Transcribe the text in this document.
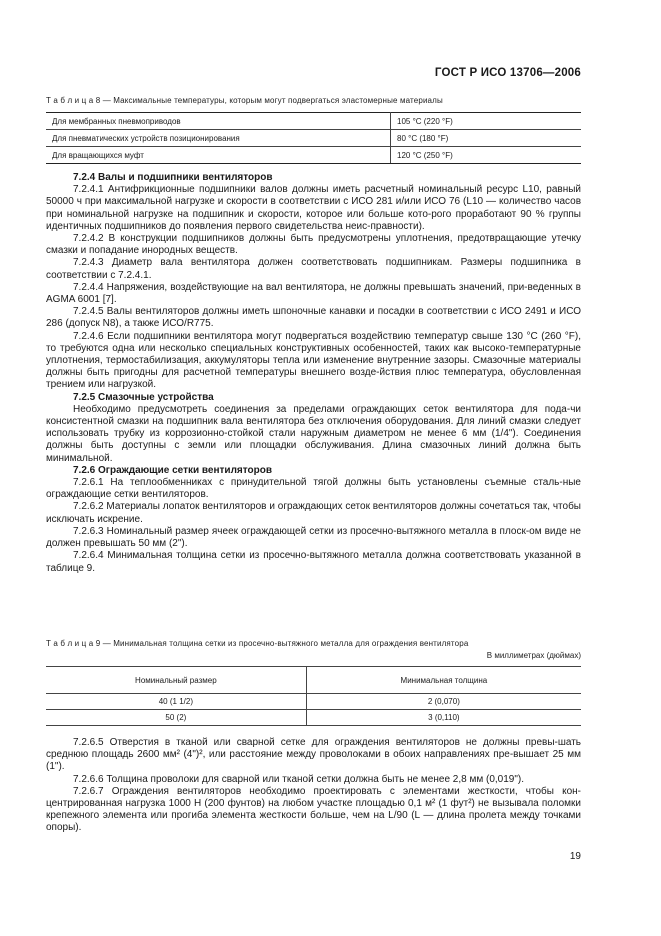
ГОСТ Р ИСО 13706—2006
Т а б л и ц а 8 — Максимальные температуры, которым могут подвергаться эластомерные материалы
Для мембранных пневмоприводов	105 °C (220 °F)
Для пневматических устройств позиционирования	80 °C (180 °F)
Для вращающихся муфт	120 °C (250 °F)

7.2.4 Валы и подшипники вентиляторов

7.2.4.1 Антифрикционные подшипники валов должны иметь расчетный номинальный ресурс L10, равный 50000 ч при максимальной нагрузке и скорости в соответствии с ИСО 281 и/или ИСО 76 (L10 — количество часов при номинальной нагрузке на подшипник и скорости, которое или больше кото-рого проработают 90 % группы идентичных подшипников до появления первого свидетельства неис-правности).

7.2.4.2 В конструкции подшипников должны быть предусмотрены уплотнения, предотвращающие утечку смазки и попадание инородных веществ.

7.2.4.3 Диаметр вала вентилятора должен соответствовать подшипникам. Размеры подшипника в соответствии с 7.2.4.1.

7.2.4.4 Напряжения, воздействующие на вал вентилятора, не должны превышать значений, при-веденных в AGMA 6001 [7].

7.2.4.5 Валы вентиляторов должны иметь шпоночные канавки и посадки в соответствии с ИСО 2491 и ИСО 286 (допуск N8), а также ИСО/R775.

7.2.4.6 Если подшипники вентилятора могут подвергаться воздействию температур свыше 130 °С (260 °F), то требуются одна или несколько специальных конструктивных особенностей, таких как высоко-температурные уплотнения, термостабилизация, аккумуляторы тепла или изменение внутренние зазоры. Смазочные материалы должны быть пригодны для расчетной температуры внешнего возде-йствия плюс температура, обусловленная трением или нагрузкой.

7.2.5 Смазочные устройства

Необходимо предусмотреть соединения за пределами ограждающих сеток вентилятора для пода-чи консистентной смазки на подшипник вала вентилятора без отключения оборудования. Для линий смазки следует использовать трубку из коррозионно-стойкой стали наружным диаметром не менее 6 мм (1/4"). Соединения должны быть доступны с земли или площадки обслуживания. Длина смазочных линий должна быть минимальной.

7.2.6 Ограждающие сетки вентиляторов

7.2.6.1 На теплообменниках с принудительной тягой должны быть установлены съемные сталь-ные ограждающие сетки вентиляторов.

7.2.6.2 Материалы лопаток вентиляторов и ограждающих сеток вентиляторов должны сочетаться так, чтобы исключать искрение.

7.2.6.3 Номинальный размер ячеек ограждающей сетки из просечно-вытяжного металла в плоск-ом виде не должен превышать 50 мм (2").

7.2.6.4 Минимальная толщина сетки из просечно-вытяжного металла должна соответствовать указанной в таблице 9.

Т а б л и ц а 9 — Минимальная толщина сетки из просечно-вытяжного металла для ограждения вентилятора
В миллиметрах (дюймах)
Номинальный размер	Минимальная толщина
40 (1 1/2)	2 (0,070)
50 (2)	3 (0,110)

7.2.6.5 Отверстия в тканой или сварной сетке для ограждения вентиляторов не должны превы-шать среднюю площадь 2600 мм² (4")², или расстояние между проволоками в обоих направлениях пре-вышает 25 мм (1").

7.2.6.6 Толщина проволоки для сварной или тканой сетки должна быть не менее 2,8 мм (0,019").

7.2.6.7 Ограждения вентиляторов необходимо проектировать с элементами жесткости, чтобы кон-центрированная нагрузка 1000 Н (200 фунтов) на любом участке площадью 0,1 м² (1 фут²) не вызывала поломки крепежного элемента или прогиба элемента жесткости больше, чем на L/90 (L — длина пролета между точками опоры).

19
